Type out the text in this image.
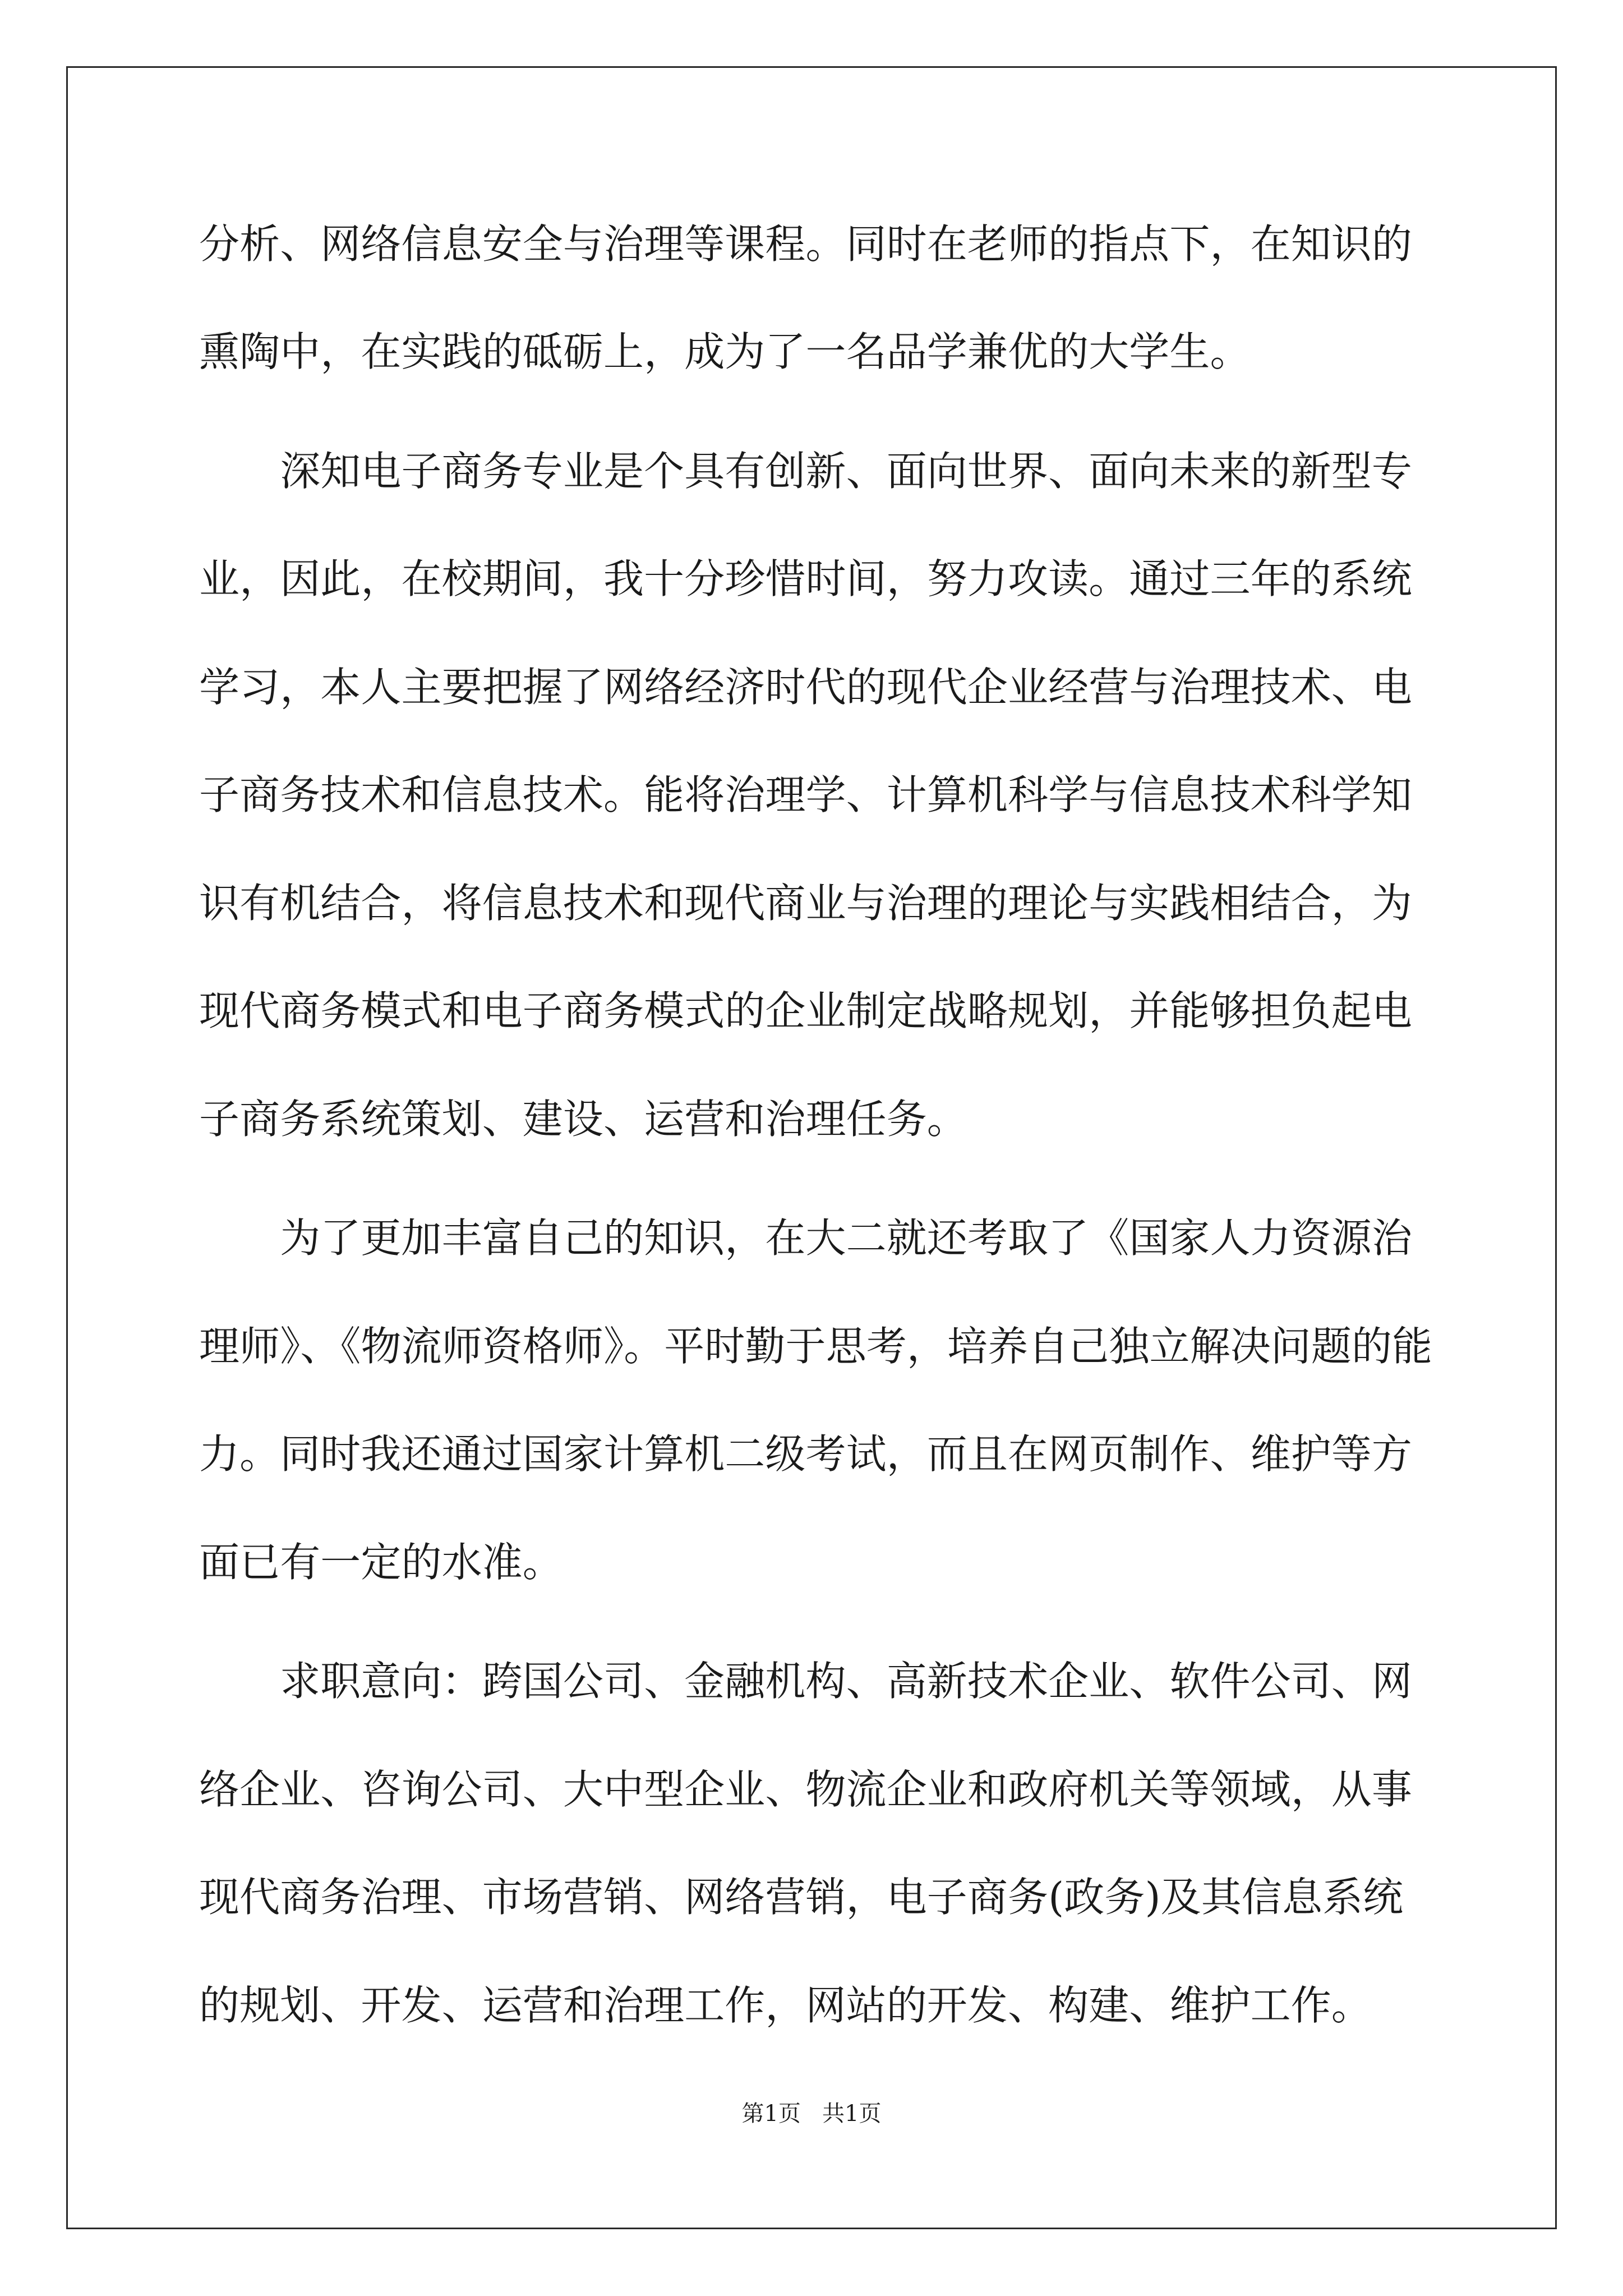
分析、网络信息安全与治理等课程。同时在老师的指点下，在知识的
熏陶中，在实践的砥砺上，成为了一名品学兼优的大学生。
　　深知电子商务专业是个具有创新、面向世界、面向未来的新型专
业，因此，在校期间，我十分珍惜时间，努力攻读。通过三年的系统
学习，本人主要把握了网络经济时代的现代企业经营与治理技术、电
子商务技术和信息技术。能将治理学、计算机科学与信息技术科学知
识有机结合，将信息技术和现代商业与治理的理论与实践相结合，为
现代商务模式和电子商务模式的企业制定战略规划，并能够担负起电
子商务系统策划、建设、运营和治理任务。
　　为了更加丰富自己的知识，在大二就还考取了《国家人力资源治
理师》、《物流师资格师》。平时勤于思考，培养自己独立解决问题的能
力。同时我还通过国家计算机二级考试，而且在网页制作、维护等方
面已有一定的水准。
　　求职意向：跨国公司、金融机构、高新技术企业、软件公司、网
络企业、咨询公司、大中型企业、物流企业和政府机关等领域，从事
现代商务治理、市场营销、网络营销，电子商务(政务)及其信息系统
的规划、开发、运营和治理工作，网站的开发、构建、维护工作。
第1页 共1页
